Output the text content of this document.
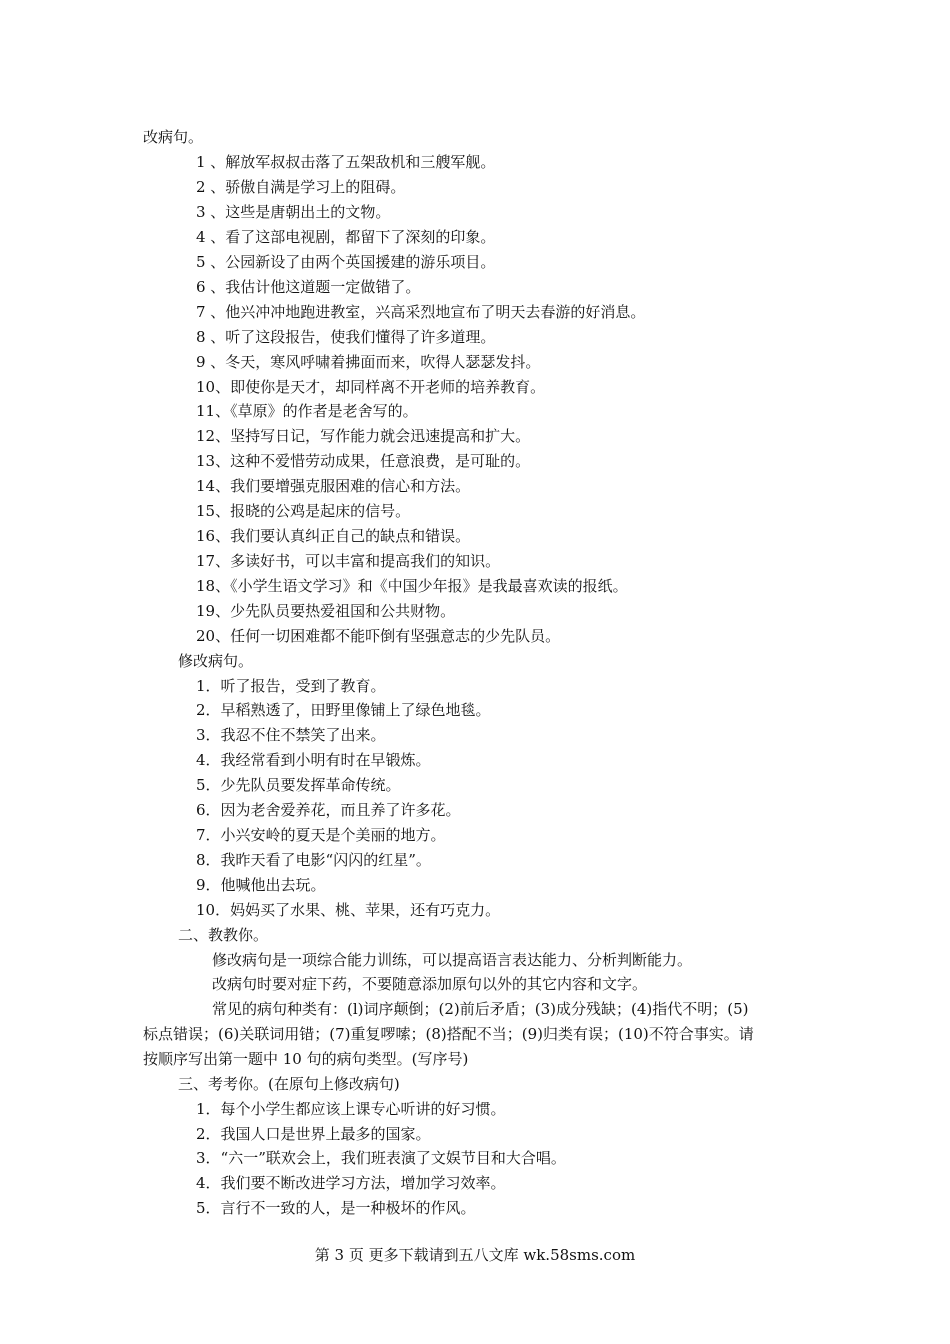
改病句。
1 、解放军叔叔击落了五架敌机和三艘军舰。
2 、骄傲自满是学习上的阻碍。
3 、这些是唐朝出土的文物。
4 、看了这部电视剧，都留下了深刻的印象。
5 、公园新设了由两个英国援建的游乐项目。
6 、我估计他这道题一定做错了。
7 、他兴冲冲地跑进教室，兴高采烈地宣布了明天去春游的好消息。
8 、听了这段报告，使我们懂得了许多道理。
9 、冬天，寒风呼啸着拂面而来，吹得人瑟瑟发抖。
10、即使你是天才，却同样离不开老师的培养教育。
11、《草原》的作者是老舍写的。
12、坚持写日记，写作能力就会迅速提高和扩大。
13、这种不爱惜劳动成果，任意浪费，是可耻的。
14、我们要增强克服困难的信心和方法。
15、报晓的公鸡是起床的信号。
16、我们要认真纠正自己的缺点和错误。
17、多读好书，可以丰富和提高我们的知识。
18、《小学生语文学习》和《中国少年报》是我最喜欢读的报纸。
19、少先队员要热爱祖国和公共财物。
20、任何一切困难都不能吓倒有坚强意志的少先队员。
修改病句。
1．听了报告，受到了教育。
2．早稻熟透了，田野里像铺上了绿色地毯。
3．我忍不住不禁笑了出来。
4．我经常看到小明有时在早锻炼。
5．少先队员要发挥革命传统。
6．因为老舍爱养花，而且养了许多花。
7．小兴安岭的夏天是个美丽的地方。
8．我昨天看了电影“闪闪的红星”。
9．他喊他出去玩。
10．妈妈买了水果、桃、苹果，还有巧克力。
二、教教你。
修改病句是一项综合能力训练，可以提高语言表达能力、分析判断能力。
改病句时要对症下药，不要随意添加原句以外的其它内容和文字。
常见的病句种类有：(l)词序颠倒；(2)前后矛盾；(3)成分残缺；(4)指代不明；(5)
标点错误；(6)关联词用错；(7)重复啰嗦；(8)搭配不当；(9)归类有误；(10)不符合事实。请
按顺序写出第一题中 10 句的病句类型。(写序号)
三、考考你。(在原句上修改病句)
1．每个小学生都应该上课专心听讲的好习惯。
2．我国人口是世界上最多的国家。
3．“六一”联欢会上，我们班表演了文娱节目和大合唱。
4．我们要不断改进学习方法，增加学习效率。
5．言行不一致的人，是一种极坏的作风。
第 3 页 更多下载请到五八文库 wk.58sms.com
